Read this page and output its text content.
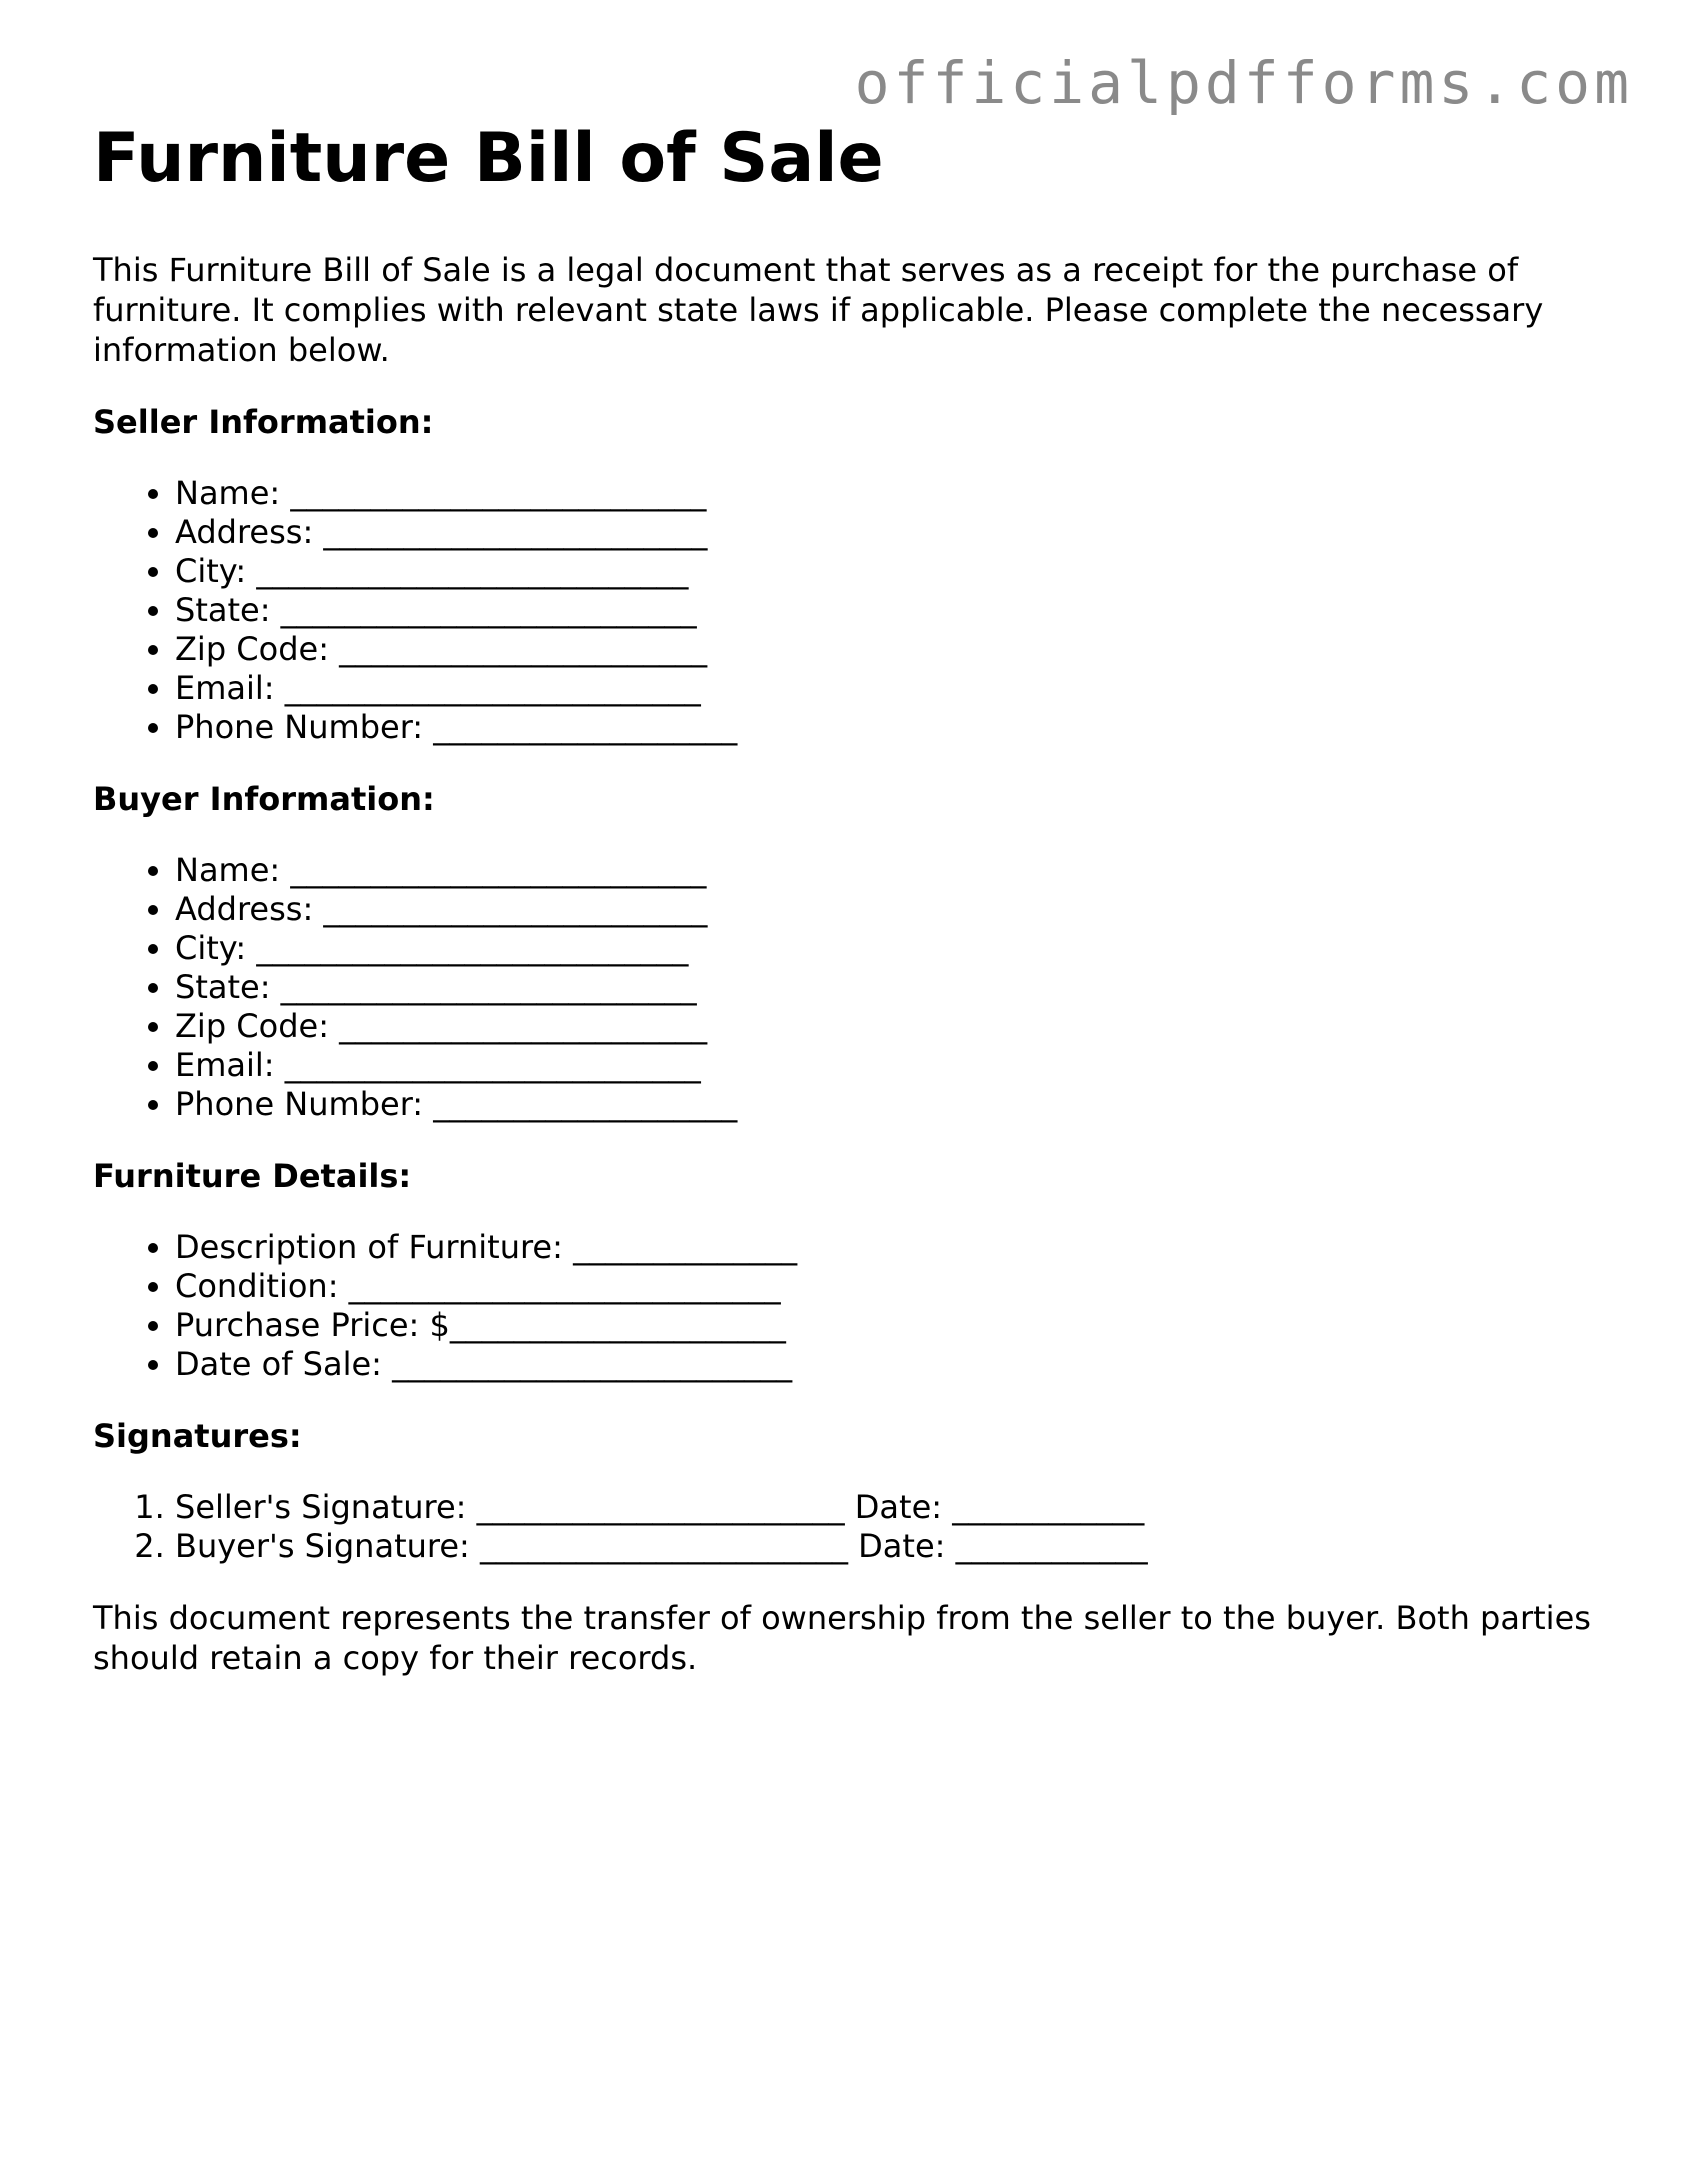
officialpdfforms.com
Furniture Bill of Sale

This Furniture Bill of Sale is a legal document that serves as a receipt for the purchase of furniture. It complies with relevant state laws if applicable. Please complete the necessary information below.

Seller Information:
• Name: __________________________
• Address: ________________________
• City: ___________________________
• State: __________________________
• Zip Code: _______________________
• Email: __________________________
• Phone Number: ___________________
Buyer Information:
• Name: __________________________
• Address: ________________________
• City: ___________________________
• State: __________________________
• Zip Code: _______________________
• Email: __________________________
• Phone Number: ___________________
Furniture Details:
• Description of Furniture: ______________
• Condition: ___________________________
• Purchase Price: $_____________________
• Date of Sale: _________________________
Signatures:
1. Seller's Signature: _______________________ Date: ____________
2. Buyer's Signature: _______________________ Date: ____________

This document represents the transfer of ownership from the seller to the buyer. Both parties should retain a copy for their records.
